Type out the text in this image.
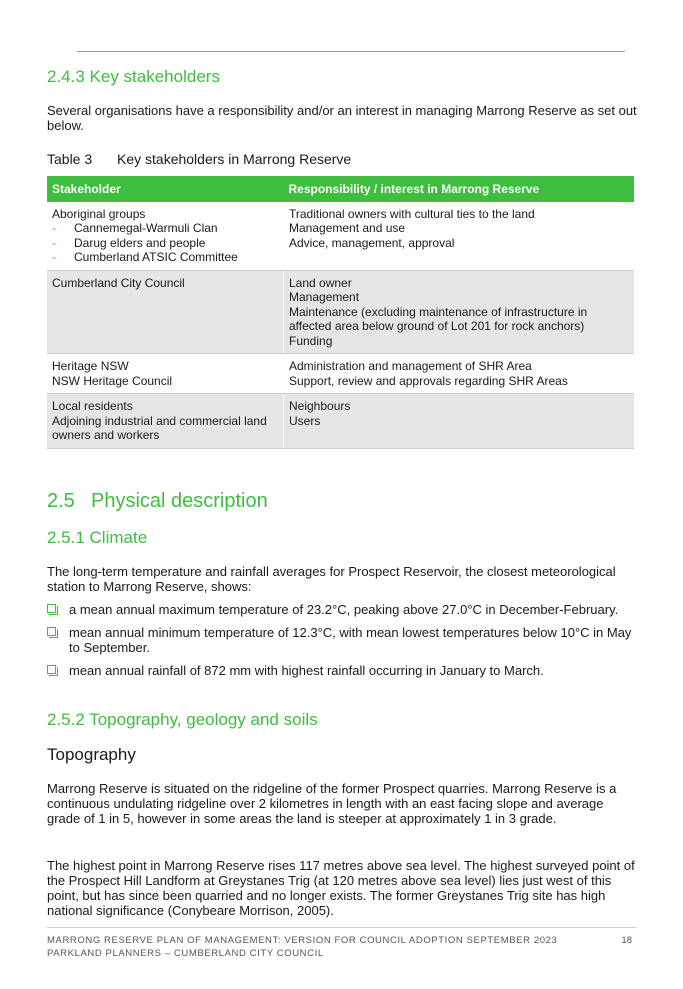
2.4.3 Key stakeholders

Several organisations have a responsibility and/or an interest in managing Marrong Reserve as set out below.

Table 3 Key stakeholders in Marrong Reserve
Stakeholder	Responsibility / interest in Marrong Reserve

Aboriginal groups
- Cannemegal-Warmuli Clan
- Darug elders and people
- Cumberland ATSIC Committee	Traditional owners with cultural ties to the land
Management and use
Advice, management, approval

Cumberland City Council	Land owner
Management
Maintenance (excluding maintenance of infrastructure in affected area below ground of Lot 201 for rock anchors)
Funding

Heritage NSW
NSW Heritage Council	Administration and management of SHR Area
Support, review and approvals regarding SHR Areas

Local residents
Adjoining industrial and commercial land owners and workers	Neighbours
Users
2.5 Physical description
2.5.1 Climate

The long-term temperature and rainfall averages for Prospect Reservoir, the closest meteorological station to Marrong Reserve, shows:

a mean annual maximum temperature of 23.2°C, peaking above 27.0°C in December-February.
mean annual minimum temperature of 12.3°C, with mean lowest temperatures below 10°C in May to September.
mean annual rainfall of 872 mm with highest rainfall occurring in January to March.
2.5.2 Topography, geology and soils
Topography

Marrong Reserve is situated on the ridgeline of the former Prospect quarries. Marrong Reserve is a continuous undulating ridgeline over 2 kilometres in length with an east facing slope and average grade of 1 in 5, however in some areas the land is steeper at approximately 1 in 3 grade.

The highest point in Marrong Reserve rises 117 metres above sea level. The highest surveyed point of the Prospect Hill Landform at Greystanes Trig (at 120 metres above sea level) lies just west of this point, but has since been quarried and no longer exists. The former Greystanes Trig site has high national significance (Conybeare Morrison, 2005).

MARRONG RESERVE PLAN OF MANAGEMENT: VERSION FOR COUNCIL ADOPTION SEPTEMBER 2023
PARKLAND PLANNERS – CUMBERLAND CITY COUNCIL
18
